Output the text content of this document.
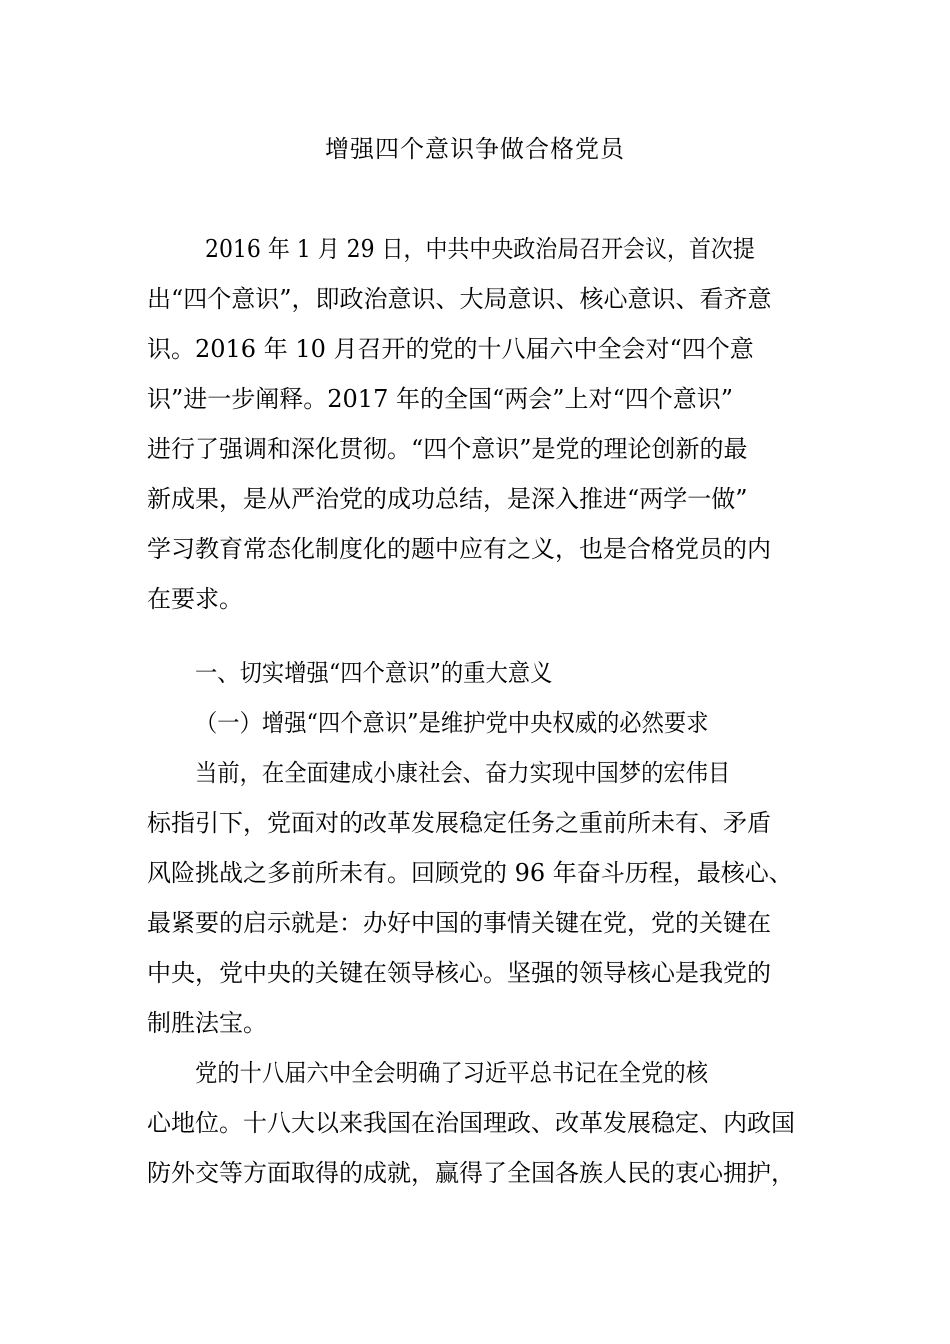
增强四个意识争做合格党员
2016 年 1 月 29 日，中共中央政治局召开会议，首次提
出“四个意识”，即政治意识、大局意识、核心意识、看齐意
识。2016 年 10 月召开的党的十八届六中全会对“四个意
识”进一步阐释。2017 年的全国“两会”上对“四个意识”
进行了强调和深化贯彻。“四个意识”是党的理论创新的最
新成果，是从严治党的成功总结，是深入推进“两学一做”
学习教育常态化制度化的题中应有之义，也是合格党员的内
在要求。
一、切实增强“四个意识”的重大意义
（一）增强“四个意识”是维护党中央权威的必然要求
当前，在全面建成小康社会、奋力实现中国梦的宏伟目
标指引下，党面对的改革发展稳定任务之重前所未有、矛盾
风险挑战之多前所未有。回顾党的 96 年奋斗历程，最核心、
最紧要的启示就是：办好中国的事情关键在党，党的关键在
中央，党中央的关键在领导核心。坚强的领导核心是我党的
制胜法宝。
党的十八届六中全会明确了习近平总书记在全党的核
心地位。十八大以来我国在治国理政、改革发展稳定、内政国
防外交等方面取得的成就，赢得了全国各族人民的衷心拥护，
